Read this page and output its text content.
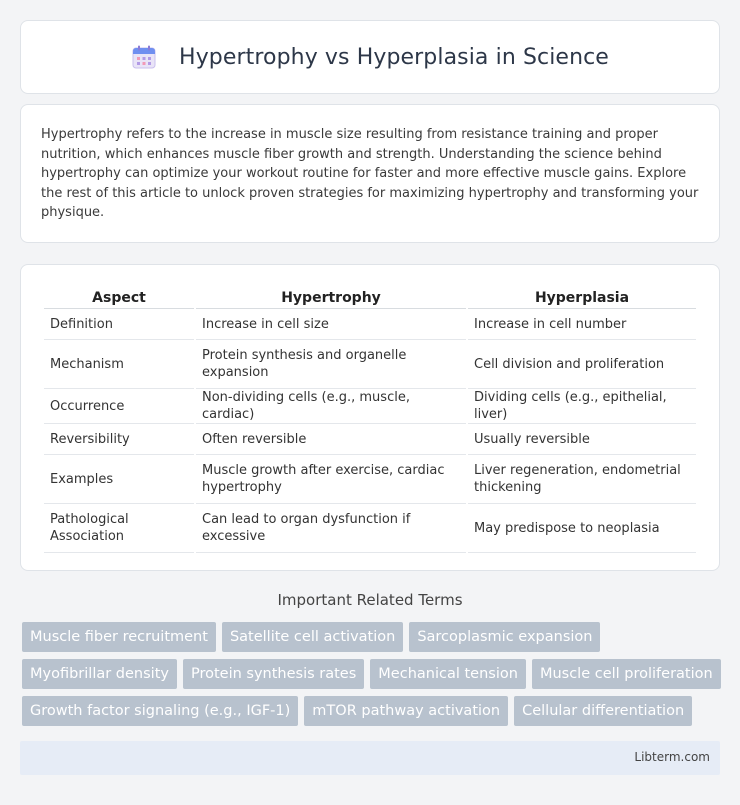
Hypertrophy vs Hyperplasia in Science

Hypertrophy refers to the increase in muscle size resulting from resistance training and proper nutrition, which enhances muscle fiber growth and strength. Understanding the science behind hypertrophy can optimize your workout routine for faster and more effective muscle gains. Explore the rest of this article to unlock proven strategies for maximizing hypertrophy and transforming your physique.

Aspect	Hypertrophy	Hyperplasia
Definition	Increase in cell size	Increase in cell number
Mechanism	Protein synthesis and organelle expansion	Cell division and proliferation
Occurrence	Non-dividing cells (e.g., muscle, cardiac)	Dividing cells (e.g., epithelial, liver)
Reversibility	Often reversible	Usually reversible
Examples	Muscle growth after exercise, cardiac hypertrophy	Liver regeneration, endometrial thickening
Pathological Association	Can lead to organ dysfunction if excessive	May predispose to neoplasia
Important Related Terms
Muscle fiber recruitment	Satellite cell activation	Sarcoplasmic expansion
Myofibrillar density	Protein synthesis rates	Mechanical tension	Muscle cell proliferation
Growth factor signaling (e.g., IGF-1)	mTOR pathway activation	Cellular differentiation
Libterm.com
